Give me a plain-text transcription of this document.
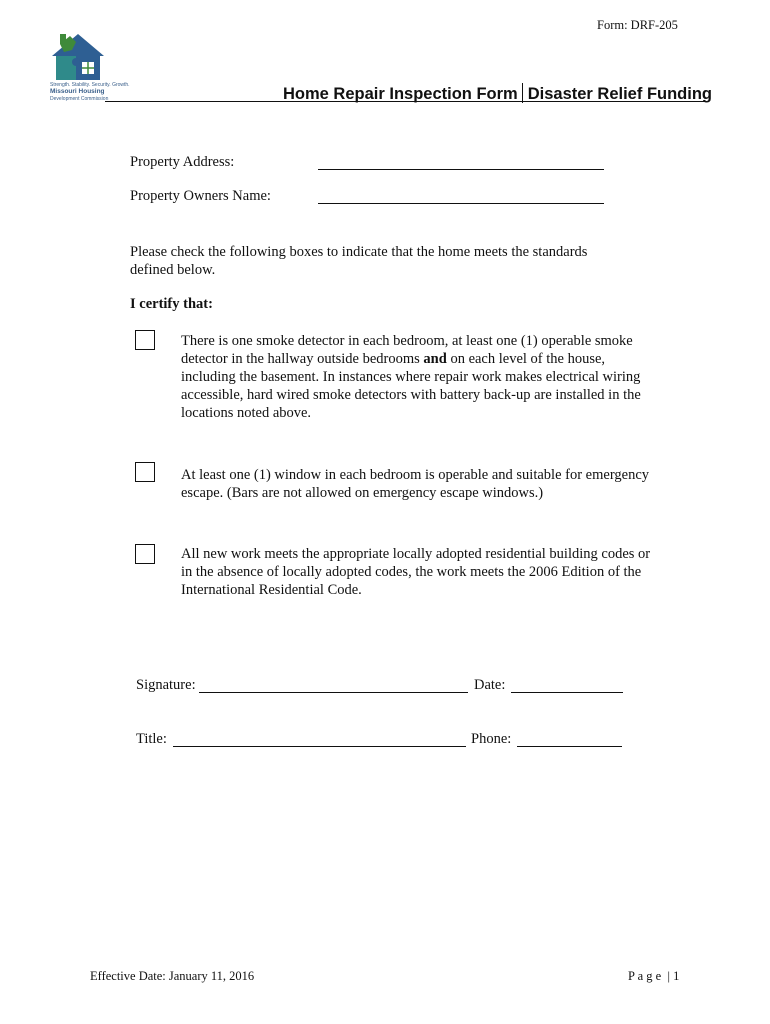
Form: DRF-205
Strength. Stability. Security. Growth.
Missouri Housing
Development Commission	Home Repair Inspection Form Disaster Relief Funding
Property Address:
Property Owners Name:
Please check the following boxes to indicate that the home meets the standards defined below.
I certify that:
There is one smoke detector in each bedroom, at least one (1) operable smoke detector in the hallway outside bedrooms and on each level of the house, including the basement. In instances where repair work makes electrical wiring accessible, hard wired smoke detectors with battery back-up are installed in the locations noted above.
At least one (1) window in each bedroom is operable and suitable for emergency escape. (Bars are not allowed on emergency escape windows.)
All new work meets the appropriate locally adopted residential building codes or in the absence of locally adopted codes, the work meets the 2006 Edition of the International Residential Code.
Signature:	Date:
Title:	Phone:
Effective Date: January 11, 2016	P a g e  | 1
